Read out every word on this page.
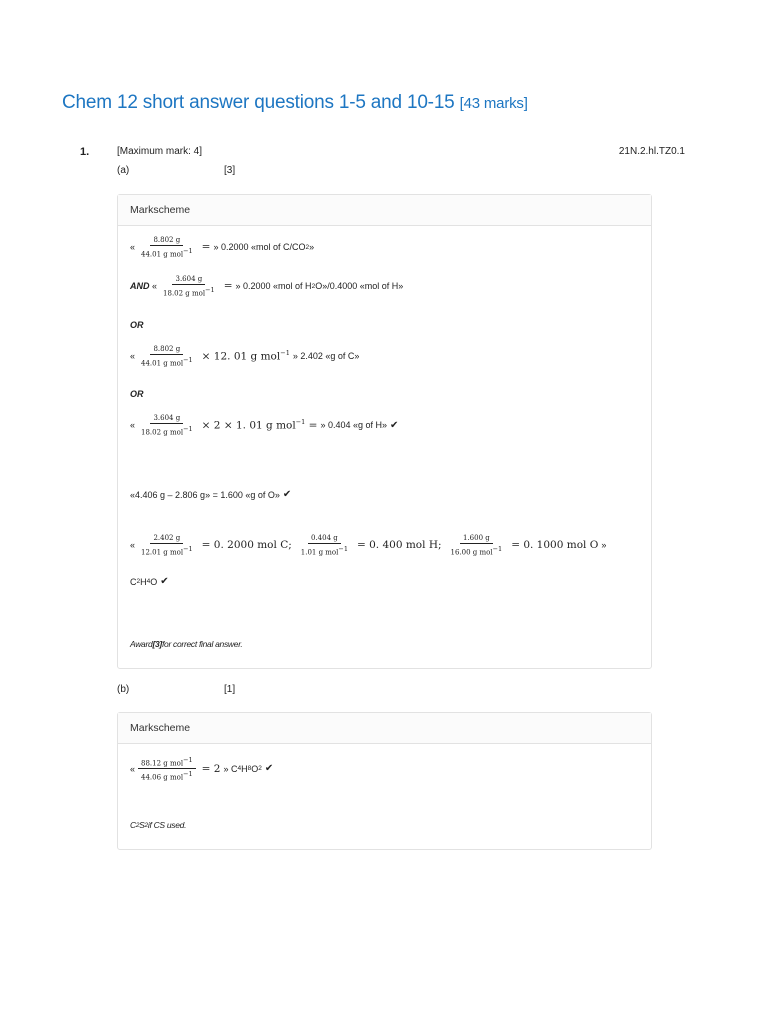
Chem 12 short answer questions 1-5 and 10-15 [43 marks]
1.	[Maximum mark: 4]	21N.2.hl.TZ0.1
(a)	[3]
Markscheme
« $\frac{8.802 g}{44.01 g mol^{-1}}$ = » 0.2000 «mol of C/CO 2 »
AND
« $\frac{3.604 g}{18.02 g mol^{-1}}$ = » 0.2000 «mol of H 2 O»/0.4000 «mol of H»
OR
« $\frac{8.802 g}{44.01 g mol^{-1}} \times 12$. 01 g mol$^{-1}$ » 2.402 «g of C»
OR
« $\frac{3.604 g}{18.02 g mol^{-1}} \times 2 \times 1$. 01 g mol$^{-1}$ = » 0.404 «g of H» ✔
«4.406 g – 2.806 g» = 1.600 «g of O» ✔
« $\frac{2.402 g}{12.01 g mol^{-1}} = 0$. 2000 mol C; $\frac{0.404 g}{1.01 g mol^{-1}} = 0$. 400 mol H; $\frac{1.600 g}{16.00 g mol^{-1}} = 0$. 1000 mol O »
C 2 H 4 O ✔
Award [3] for correct final answer.
(b)	[1]
Markscheme
« $\frac{88.12 g mol^{-1}}{44.06 g mol^{-1}} = 2$ » C 4 H 8 O 2 ✔
C 2 S 2 if CS used.
